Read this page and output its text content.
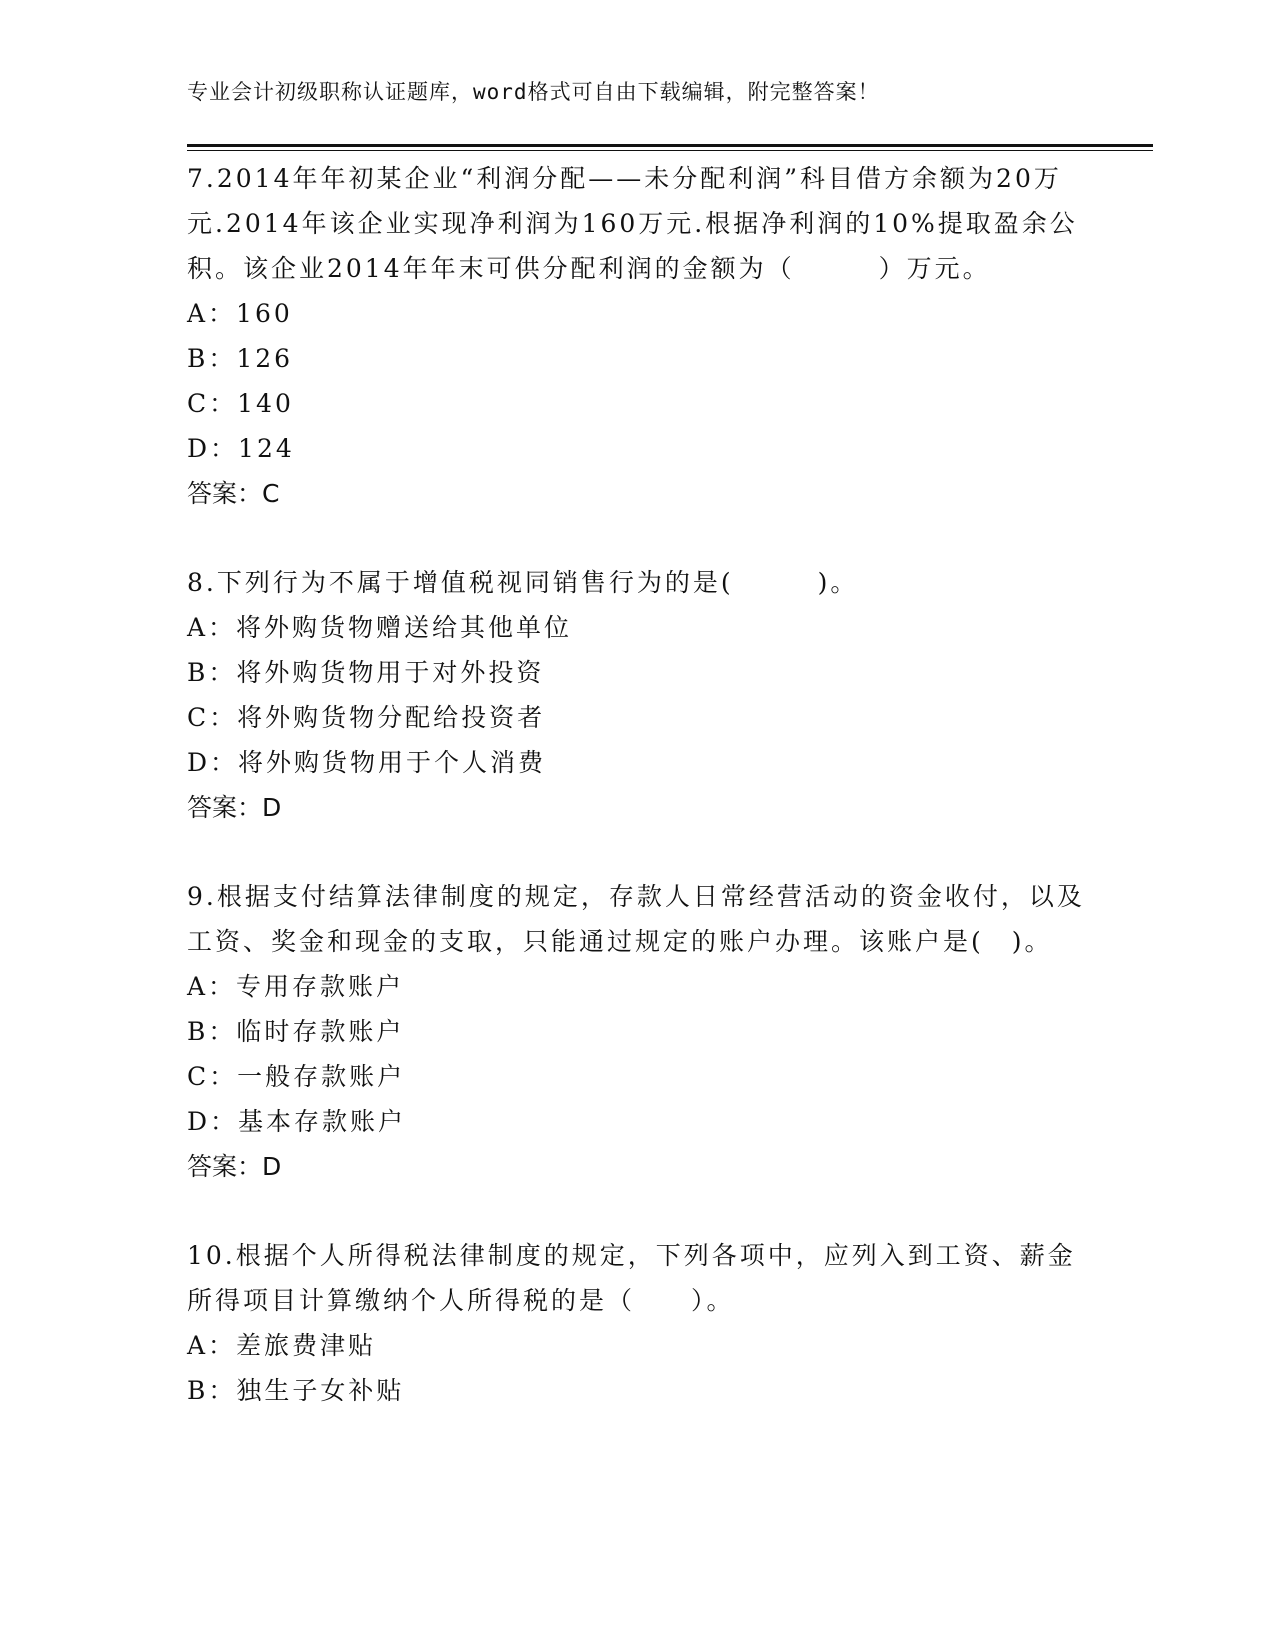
专业会计初级职称认证题库，word格式可自由下载编辑，附完整答案！

7.2014年年初某企业“利润分配——未分配利润”科目借方余额为20万元.2014年该企业实现净利润为160万元.根据净利润的10%提取盈余公积。该企业2014年年末可供分配利润的金额为（　　　）万元。

A：160
B：126
C：140
D：124
答案：C

8.下列行为不属于增值税视同销售行为的是(　　　)。

A：将外购货物赠送给其他单位
B：将外购货物用于对外投资
C：将外购货物分配给投资者
D：将外购货物用于个人消费
答案：D

9.根据支付结算法律制度的规定，存款人日常经营活动的资金收付，以及工资、奖金和现金的支取，只能通过规定的账户办理。该账户是(　)。

A：专用存款账户
B：临时存款账户
C：一般存款账户
D：基本存款账户
答案：D

10.根据个人所得税法律制度的规定，下列各项中，应列入到工资、薪金所得项目计算缴纳个人所得税的是（　　）。

A：差旅费津贴
B：独生子女补贴
